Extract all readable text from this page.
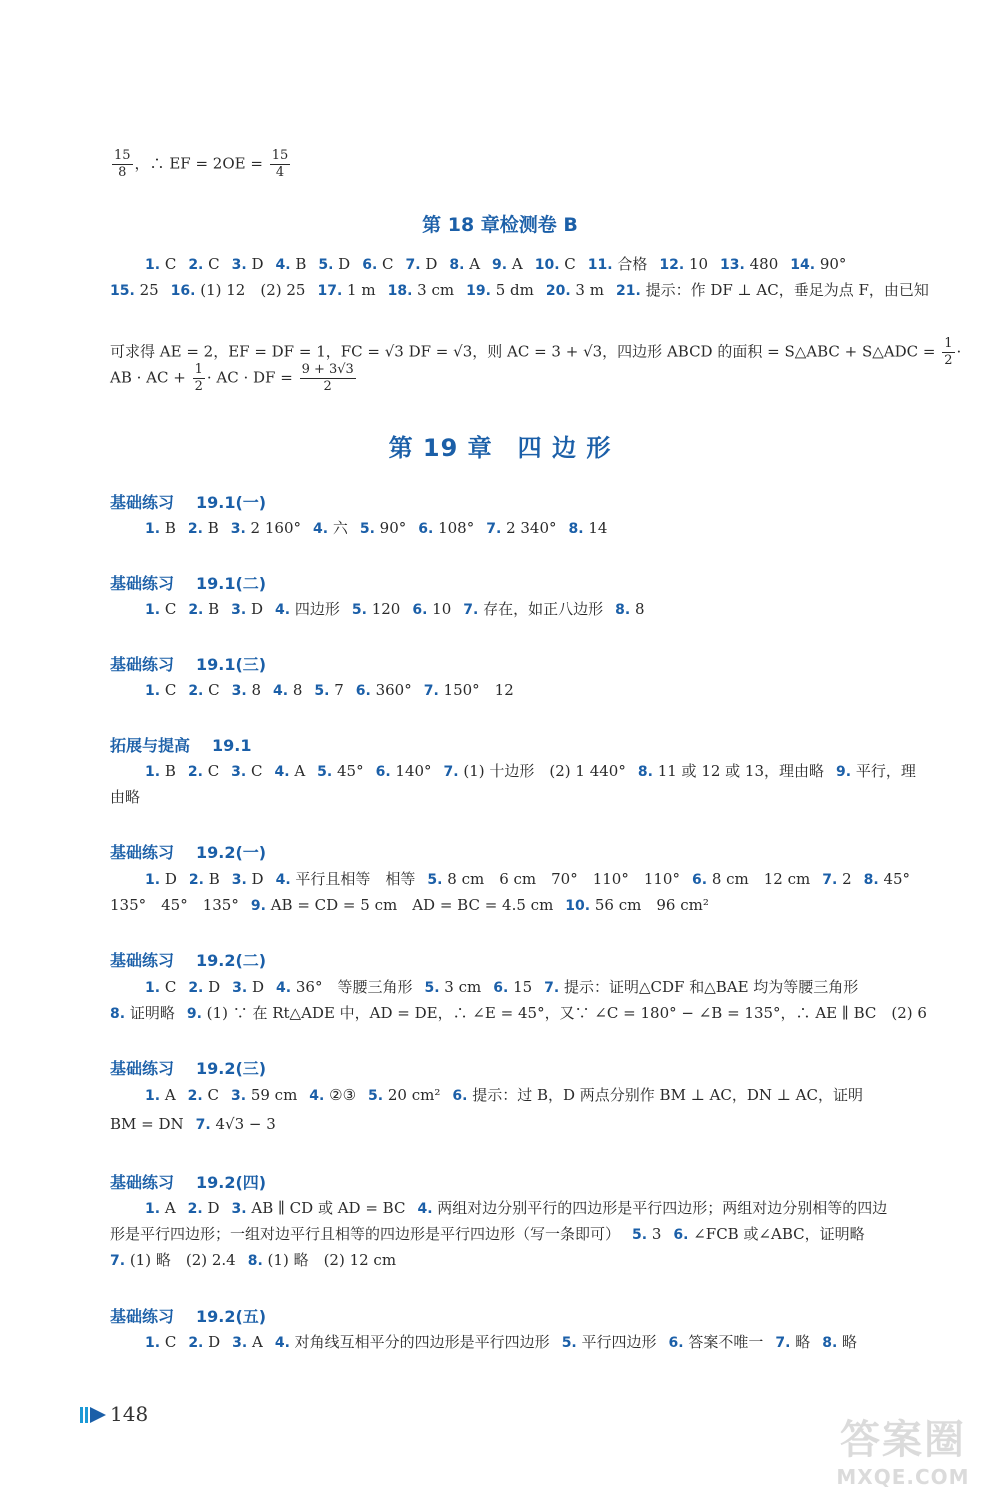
$\frac{15}{8}$ ，∴ EF = $2OE = \frac{15}{4}$
第 18 章检测卷 B
1. C 2. C 3. D 4. B 5. D 6. C 7. D 8. A 9. A 10. C 11. 合格 12. 10 13. 480 14. 90°
15. 25 16. (1) 12　(2) 25 17. 1 m 18. 3 cm 19. 5 dm 20. 3 m 21. 提示：作 DF ⊥ AC，垂足为点 F，由已知
可求得 AE = 2，EF = DF = 1，FC = √3 DF = √3，则 AC = 3 + √3，四边形 ABCD 的面积 = S△ABC + S△ADC = $\frac{1}{2}$ ·
AB · AC + $\frac{1}{2}$ · AC · DF = $\frac{9 + 3√3}{2}$
第 19 章　四 边 形
基础练习 19.1(一)
1. B 2. B 3. 2 160° 4. 六 5. 90° 6. 108° 7. 2 340° 8. 14
基础练习 19.1(二)
1. C 2. B 3. D 4. 四边形 5. 120 6. 10 7. 存在，如正八边形 8. 8
基础练习 19.1(三)
1. C 2. C 3. 8 4. 8 5. 7 6. 360° 7. 150°　12
拓展与提高 19.1
1. B 2. C 3. C 4. A 5. 45° 6. 140° 7. (1) 十边形　(2) 1 440° 8. 11 或 12 或 13，理由略 9. 平行，理
由略
基础练习 19.2(一)
1. D 2. B 3. D 4. 平行且相等　相等 5. 8 cm　6 cm　70°　110°　110° 6. 8 cm　12 cm 7. 2 8. 45°
135°　45°　135° 9. AB = CD = 5 cm　AD = BC = 4.5 cm 10. 56 cm　96 cm²
基础练习 19.2(二)
1. C 2. D 3. D 4. 36°　等腰三角形 5. 3 cm 6. 15 7. 提示：证明△CDF 和△BAE 均为等腰三角形
8. 证明略 9. (1) ∵ 在 Rt△ADE 中，AD = DE，∴ ∠E = 45°，又∵ ∠C = 180° − ∠B = 135°，∴ AE ∥ BC　(2) 6
基础练习 19.2(三)
1. A 2. C 3. 59 cm 4. ②③ 5. 20 cm² 6. 提示：过 B，D 两点分别作 BM ⊥ AC，DN ⊥ AC，证明
BM = DN 7. 4√3 − 3
基础练习 19.2(四)
1. A 2. D 3. AB ∥ CD 或 AD = BC 4. 两组对边分别平行的四边形是平行四边形；两组对边分别相等的四边
形是平行四边形；一组对边平行且相等的四边形是平行四边形（写一条即可） 5. 3 6. ∠FCB 或∠ABC，证明略
7. (1) 略　(2) 2.4 8. (1) 略　(2) 12 cm
基础练习 19.2(五)
1. C 2. D 3. A 4. 对角线互相平分的四边形是平行四边形 5. 平行四边形 6. 答案不唯一 7. 略 8. 略
148
答案圈
MXQE.COM
